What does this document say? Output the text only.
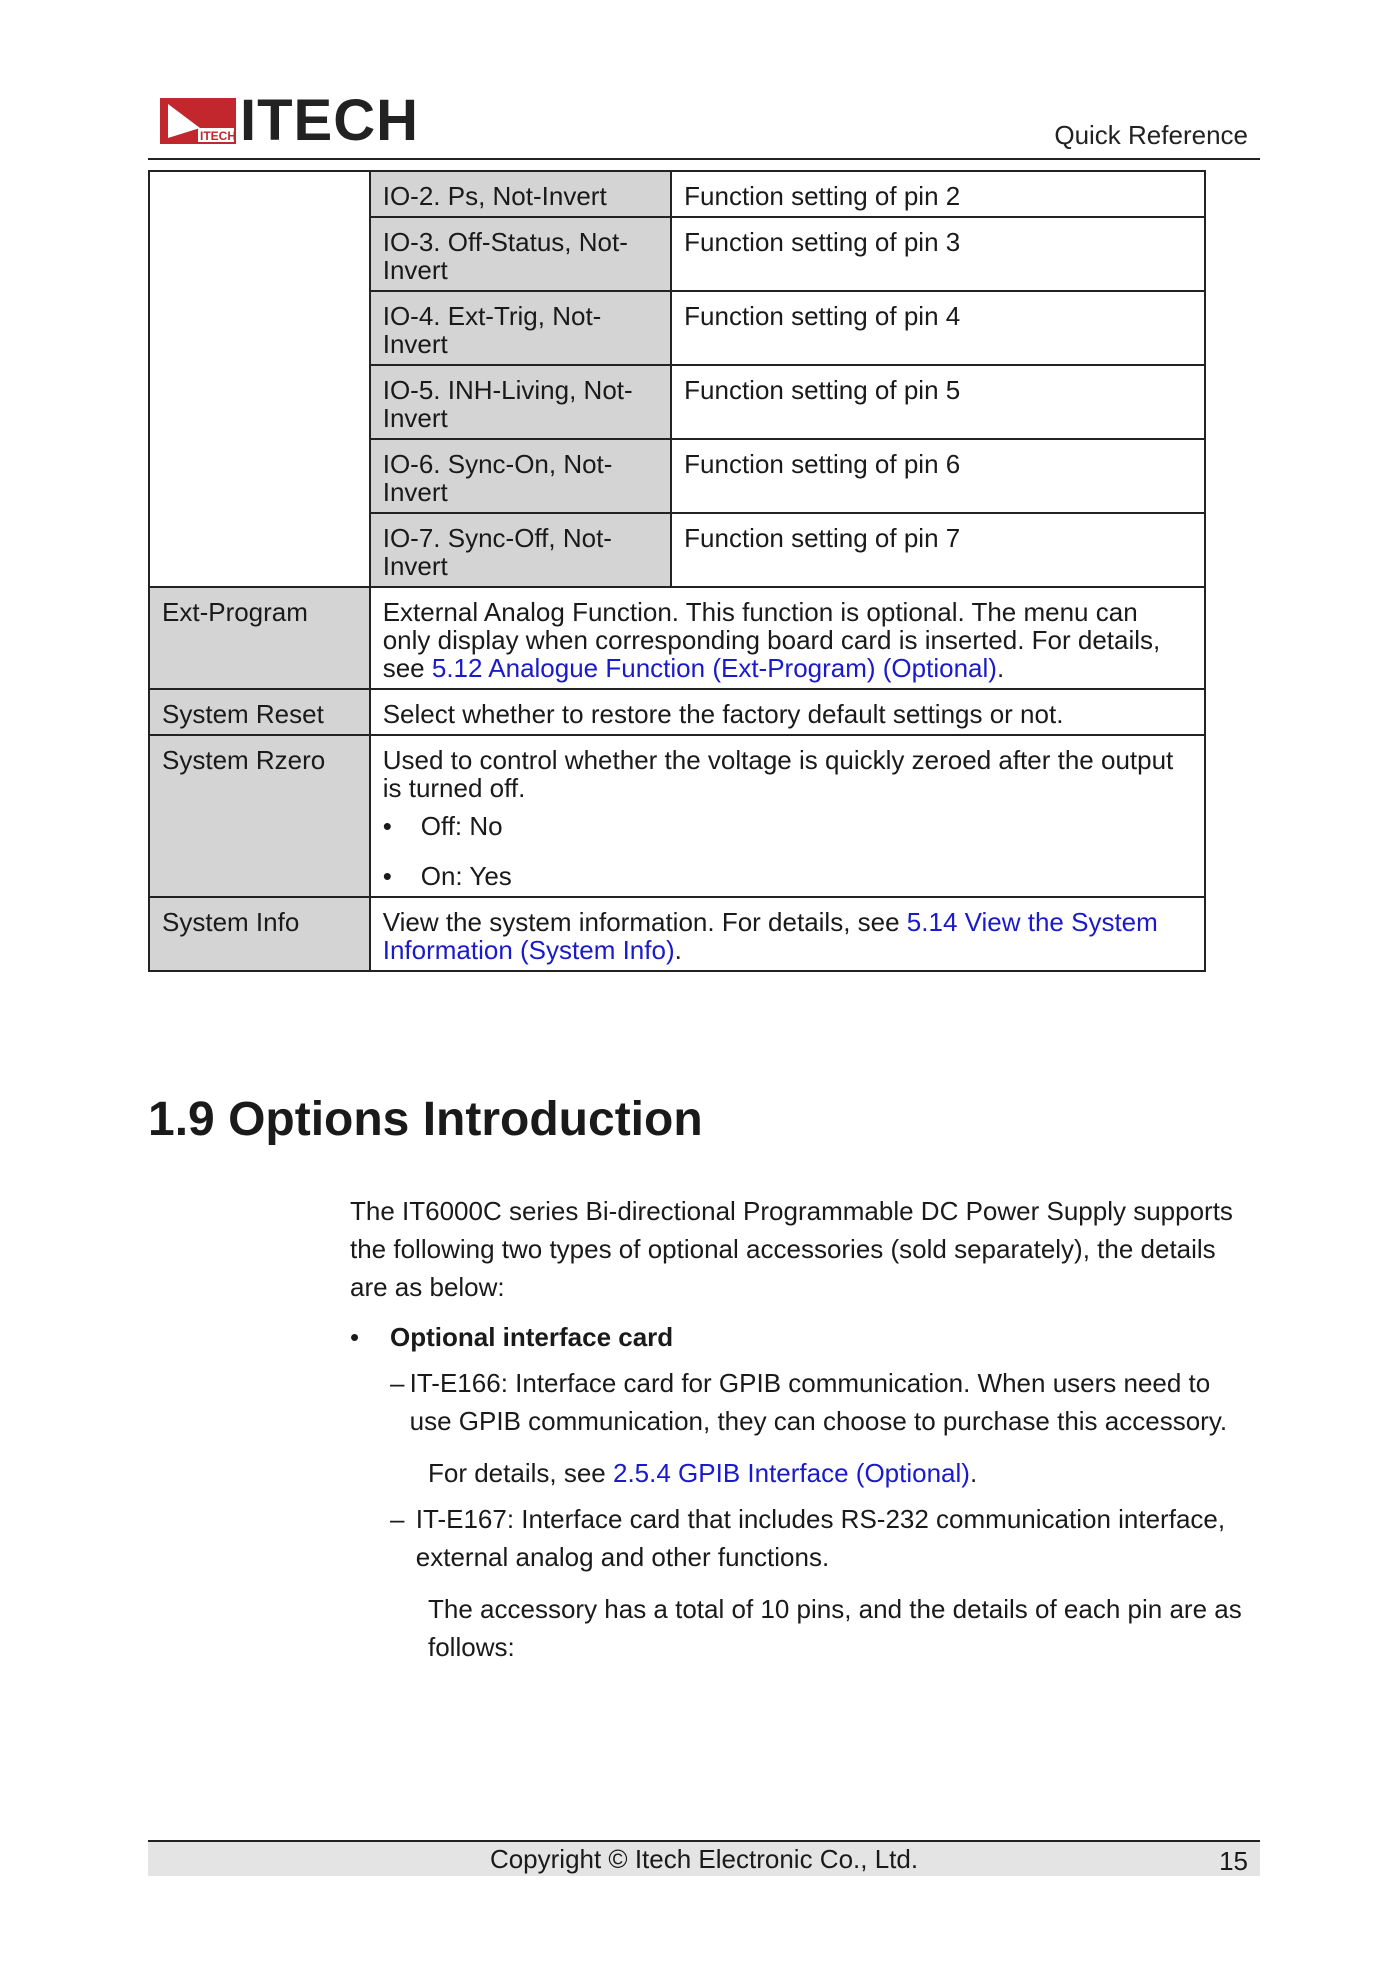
ITECH ITECH	Quick Reference
	IO-2. Ps, Not-Invert	Function setting of pin 2
	IO-3. Off-Status, Not-Invert	Function setting of pin 3
	IO-4. Ext-Trig, Not-Invert	Function setting of pin 4
	IO-5. INH-Living, Not-Invert	Function setting of pin 5
	IO-6. Sync-On, Not-Invert	Function setting of pin 6
	IO-7. Sync-Off, Not-Invert	Function setting of pin 7
Ext-Program	External Analog Function. This function is optional. The menu can only display when corresponding board card is inserted. For details, see 5.12 Analogue Function (Ext-Program) (Optional).	
System Reset	Select whether to restore the factory default settings or not.	
System Rzero	Used to control whether the voltage is quickly zeroed after the output is turned off.
• Off: No
• On: Yes	

System Info	View the system information. For details, see 5.14 View the System Information (System Info).	
1.9 Options Introduction

The IT6000C series Bi-directional Programmable DC Power Supply supports the following two types of optional accessories (sold separately), the details are as below:

•	Optional interface card
– IT-E166: Interface card for GPIB communication. When users need to use GPIB communication, they can choose to purchase this accessory.
For details, see 2.5.4 GPIB Interface (Optional).
– IT-E167: Interface card that includes RS-232 communication interface, external analog and other functions.
The accessory has a total of 10 pins, and the details of each pin are as follows:
Copyright © Itech Electronic Co., Ltd.	15
